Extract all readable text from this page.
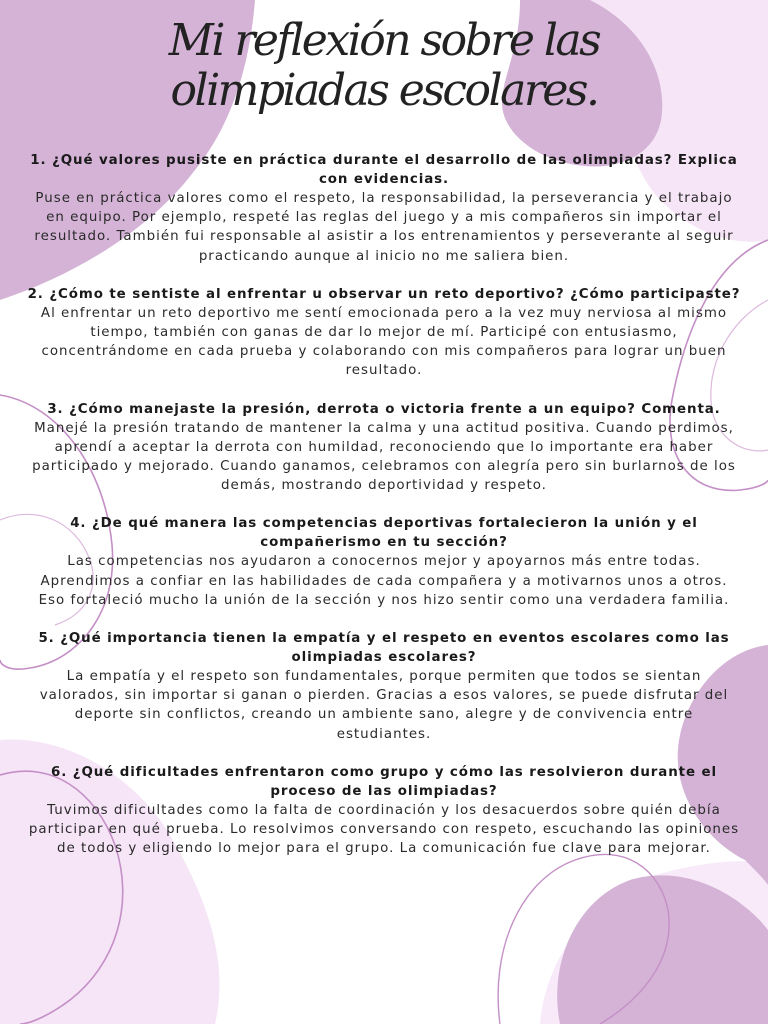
Mi reflexión sobre las
olimpiadas escolares.

1. ¿Qué valores pusiste en práctica durante el desarrollo de las olimpiadas? Explica con evidencias.

Puse en práctica valores como el respeto, la responsabilidad, la perseverancia y el trabajo en equipo. Por ejemplo, respeté las reglas del juego y a mis compañeros sin importar el resultado. También fui responsable al asistir a los entrenamientos y perseverante al seguir practicando aunque al inicio no me saliera bien.

2. ¿Cómo te sentiste al enfrentar u observar un reto deportivo? ¿Cómo participaste?

Al enfrentar un reto deportivo me sentí emocionada pero a la vez muy nerviosa al mismo tiempo, también con ganas de dar lo mejor de mí. Participé con entusiasmo, concentrándome en cada prueba y colaborando con mis compañeros para lograr un buen resultado.

3. ¿Cómo manejaste la presión, derrota o victoria frente a un equipo? Comenta.

Manejé la presión tratando de mantener la calma y una actitud positiva. Cuando perdimos, aprendí a aceptar la derrota con humildad, reconociendo que lo importante era haber participado y mejorado. Cuando ganamos, celebramos con alegría pero sin burlarnos de los demás, mostrando deportividad y respeto.

4. ¿De qué manera las competencias deportivas fortalecieron la unión y el compañerismo en tu sección?

Las competencias nos ayudaron a conocernos mejor y apoyarnos más entre todas. Aprendimos a confiar en las habilidades de cada compañera y a motivarnos unos a otros. Eso fortaleció mucho la unión de la sección y nos hizo sentir como una verdadera familia.

5. ¿Qué importancia tienen la empatía y el respeto en eventos escolares como las olimpiadas escolares?

La empatía y el respeto son fundamentales, porque permiten que todos se sientan valorados, sin importar si ganan o pierden. Gracias a esos valores, se puede disfrutar del deporte sin conflictos, creando un ambiente sano, alegre y de convivencia entre estudiantes.

6. ¿Qué dificultades enfrentaron como grupo y cómo las resolvieron durante el proceso de las olimpiadas?

Tuvimos dificultades como la falta de coordinación y los desacuerdos sobre quién debía participar en qué prueba. Lo resolvimos conversando con respeto, escuchando las opiniones de todos y eligiendo lo mejor para el grupo. La comunicación fue clave para mejorar.
